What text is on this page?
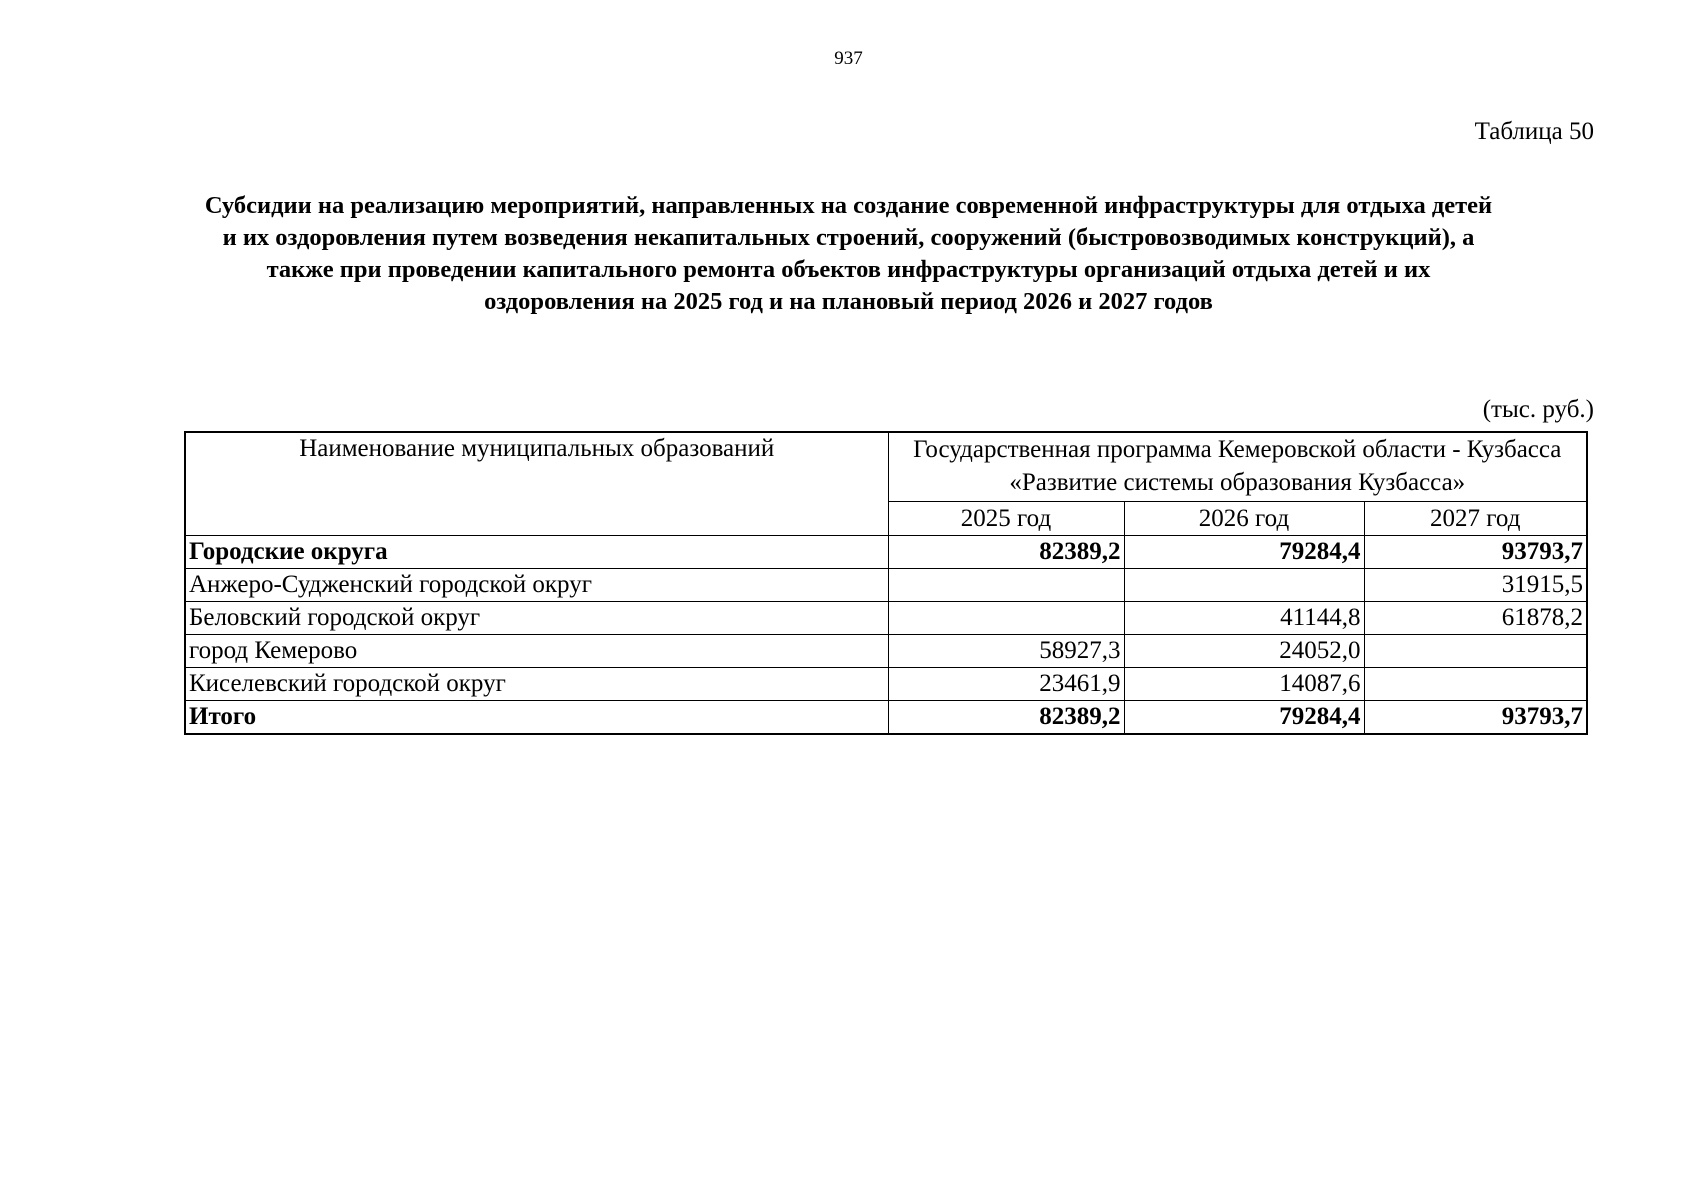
937
Таблица 50
Субсидии на реализацию мероприятий, направленных на создание современной инфраструктуры для отдыха детей
и их оздоровления путем возведения некапитальных строений, сооружений (быстровозводимых конструкций), а
также при проведении капитального ремонта объектов инфраструктуры организаций отдыха детей и их
оздоровления на 2025 год и на плановый период 2026 и 2027 годов
(тыс. руб.)
Наименование муниципальных образований	Государственная программа Кемеровской области - Кузбасса
«Развитие системы образования Кузбасса»		

	2025 год	2026 год	2027 год
Городские округа	82389,2	79284,4	93793,7
Анжеро-Судженский городской округ			31915,5
Беловский городской округ		41144,8	61878,2
город Кемерово	58927,3	24052,0	
Киселевский городской округ	23461,9	14087,6	
Итого	82389,2	79284,4	93793,7
